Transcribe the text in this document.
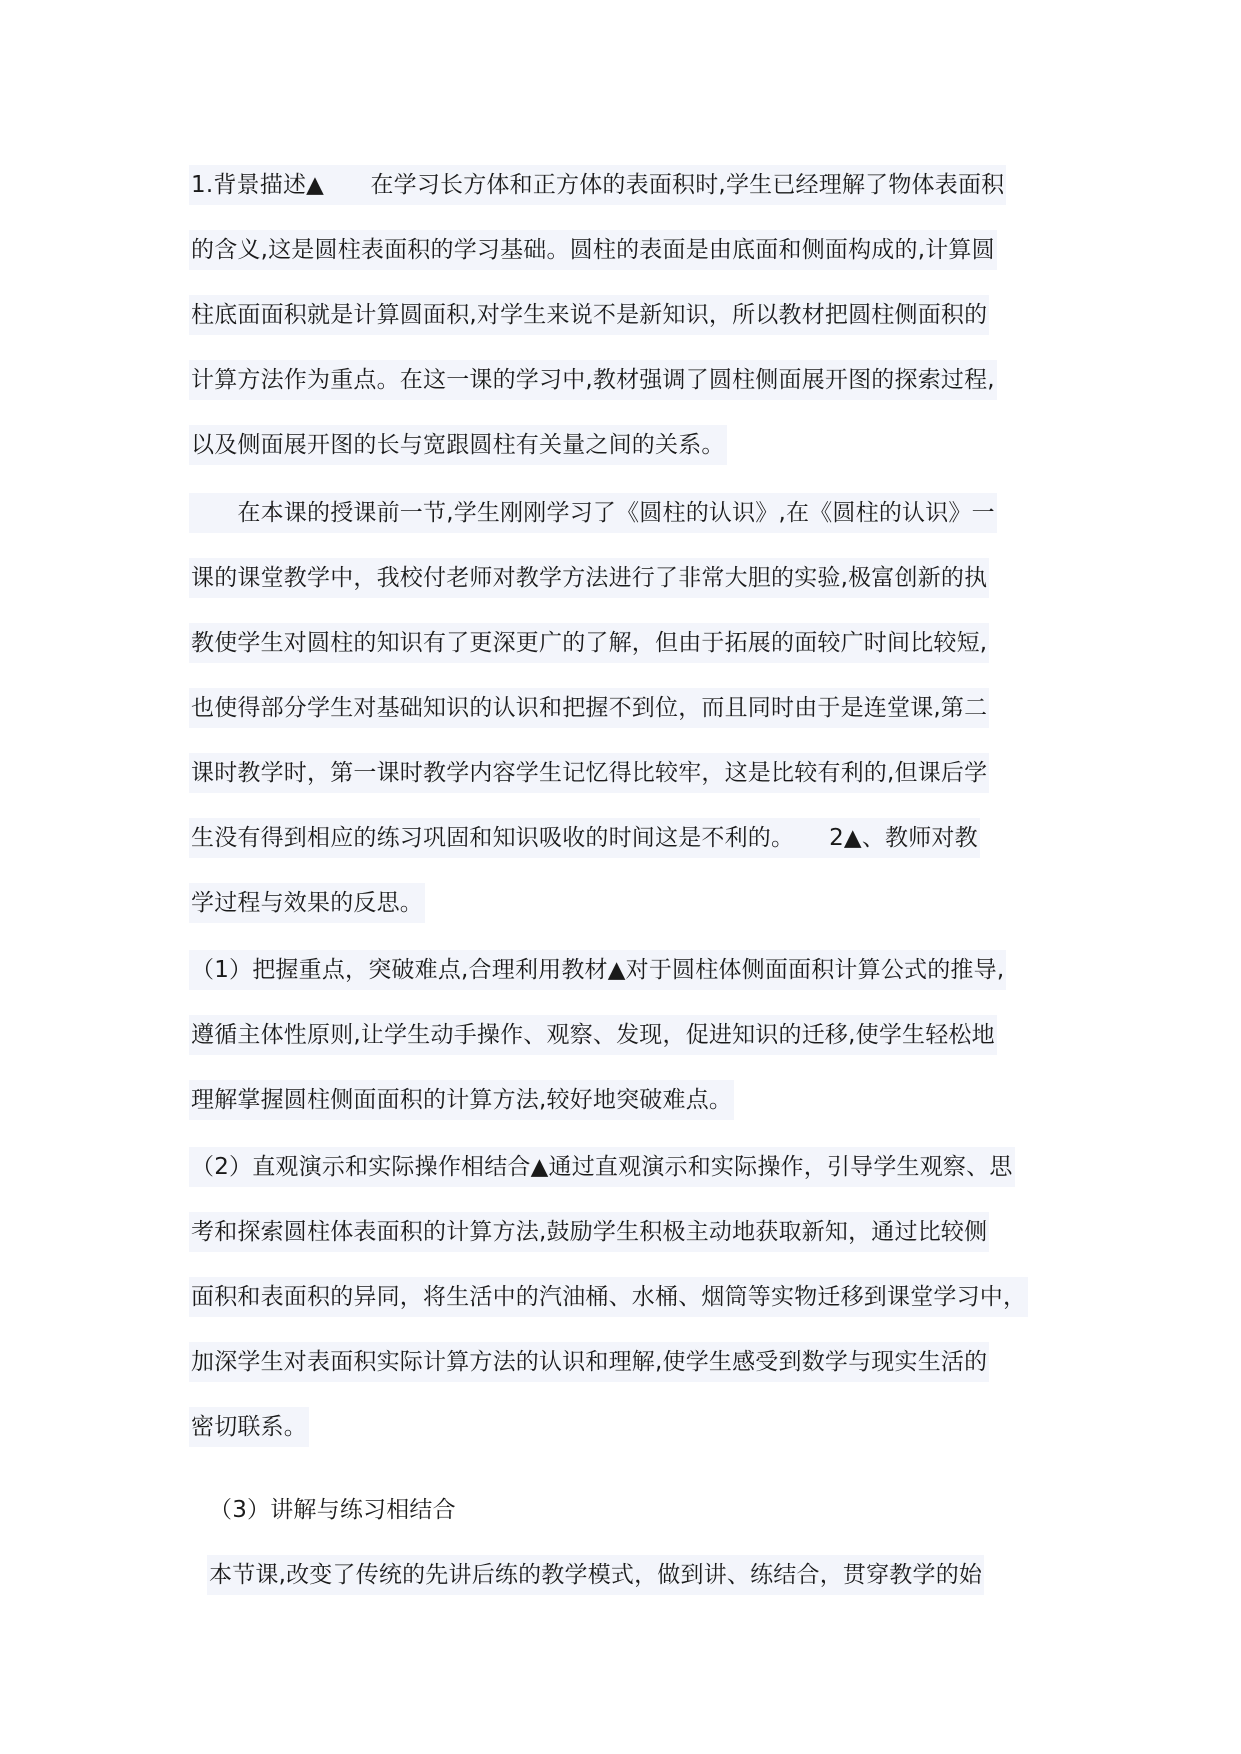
1.背景描述▲　　在学习长方体和正方体的表面积时,学生已经理解了物体表面积
的含义,这是圆柱表面积的学习基础。圆柱的表面是由底面和侧面构成的,计算圆
柱底面面积就是计算圆面积,对学生来说不是新知识，所以教材把圆柱侧面积的
计算方法作为重点。在这一课的学习中,教材强调了圆柱侧面展开图的探索过程,
以及侧面展开图的长与宽跟圆柱有关量之间的关系。
　　在本课的授课前一节,学生刚刚学习了《圆柱的认识》,在《圆柱的认识》一
课的课堂教学中，我校付老师对教学方法进行了非常大胆的实验,极富创新的执
教使学生对圆柱的知识有了更深更广的了解，但由于拓展的面较广时间比较短,
也使得部分学生对基础知识的认识和把握不到位，而且同时由于是连堂课,第二
课时教学时，第一课时教学内容学生记忆得比较牢，这是比较有利的,但课后学
生没有得到相应的练习巩固和知识吸收的时间这是不利的。　　2▲、教师对教
学过程与效果的反思。
（1）把握重点，突破难点,合理利用教材▲对于圆柱体侧面面积计算公式的推导,
遵循主体性原则,让学生动手操作、观察、发现，促进知识的迁移,使学生轻松地
理解掌握圆柱侧面面积的计算方法,较好地突破难点。
（2）直观演示和实际操作相结合▲通过直观演示和实际操作，引导学生观察、思
考和探索圆柱体表面积的计算方法,鼓励学生积极主动地获取新知，通过比较侧
面积和表面积的异同，将生活中的汽油桶、水桶、烟筒等实物迁移到课堂学习中，
加深学生对表面积实际计算方法的认识和理解,使学生感受到数学与现实生活的
密切联系。
（3）讲解与练习相结合
本节课,改变了传统的先讲后练的教学模式，做到讲、练结合，贯穿教学的始
